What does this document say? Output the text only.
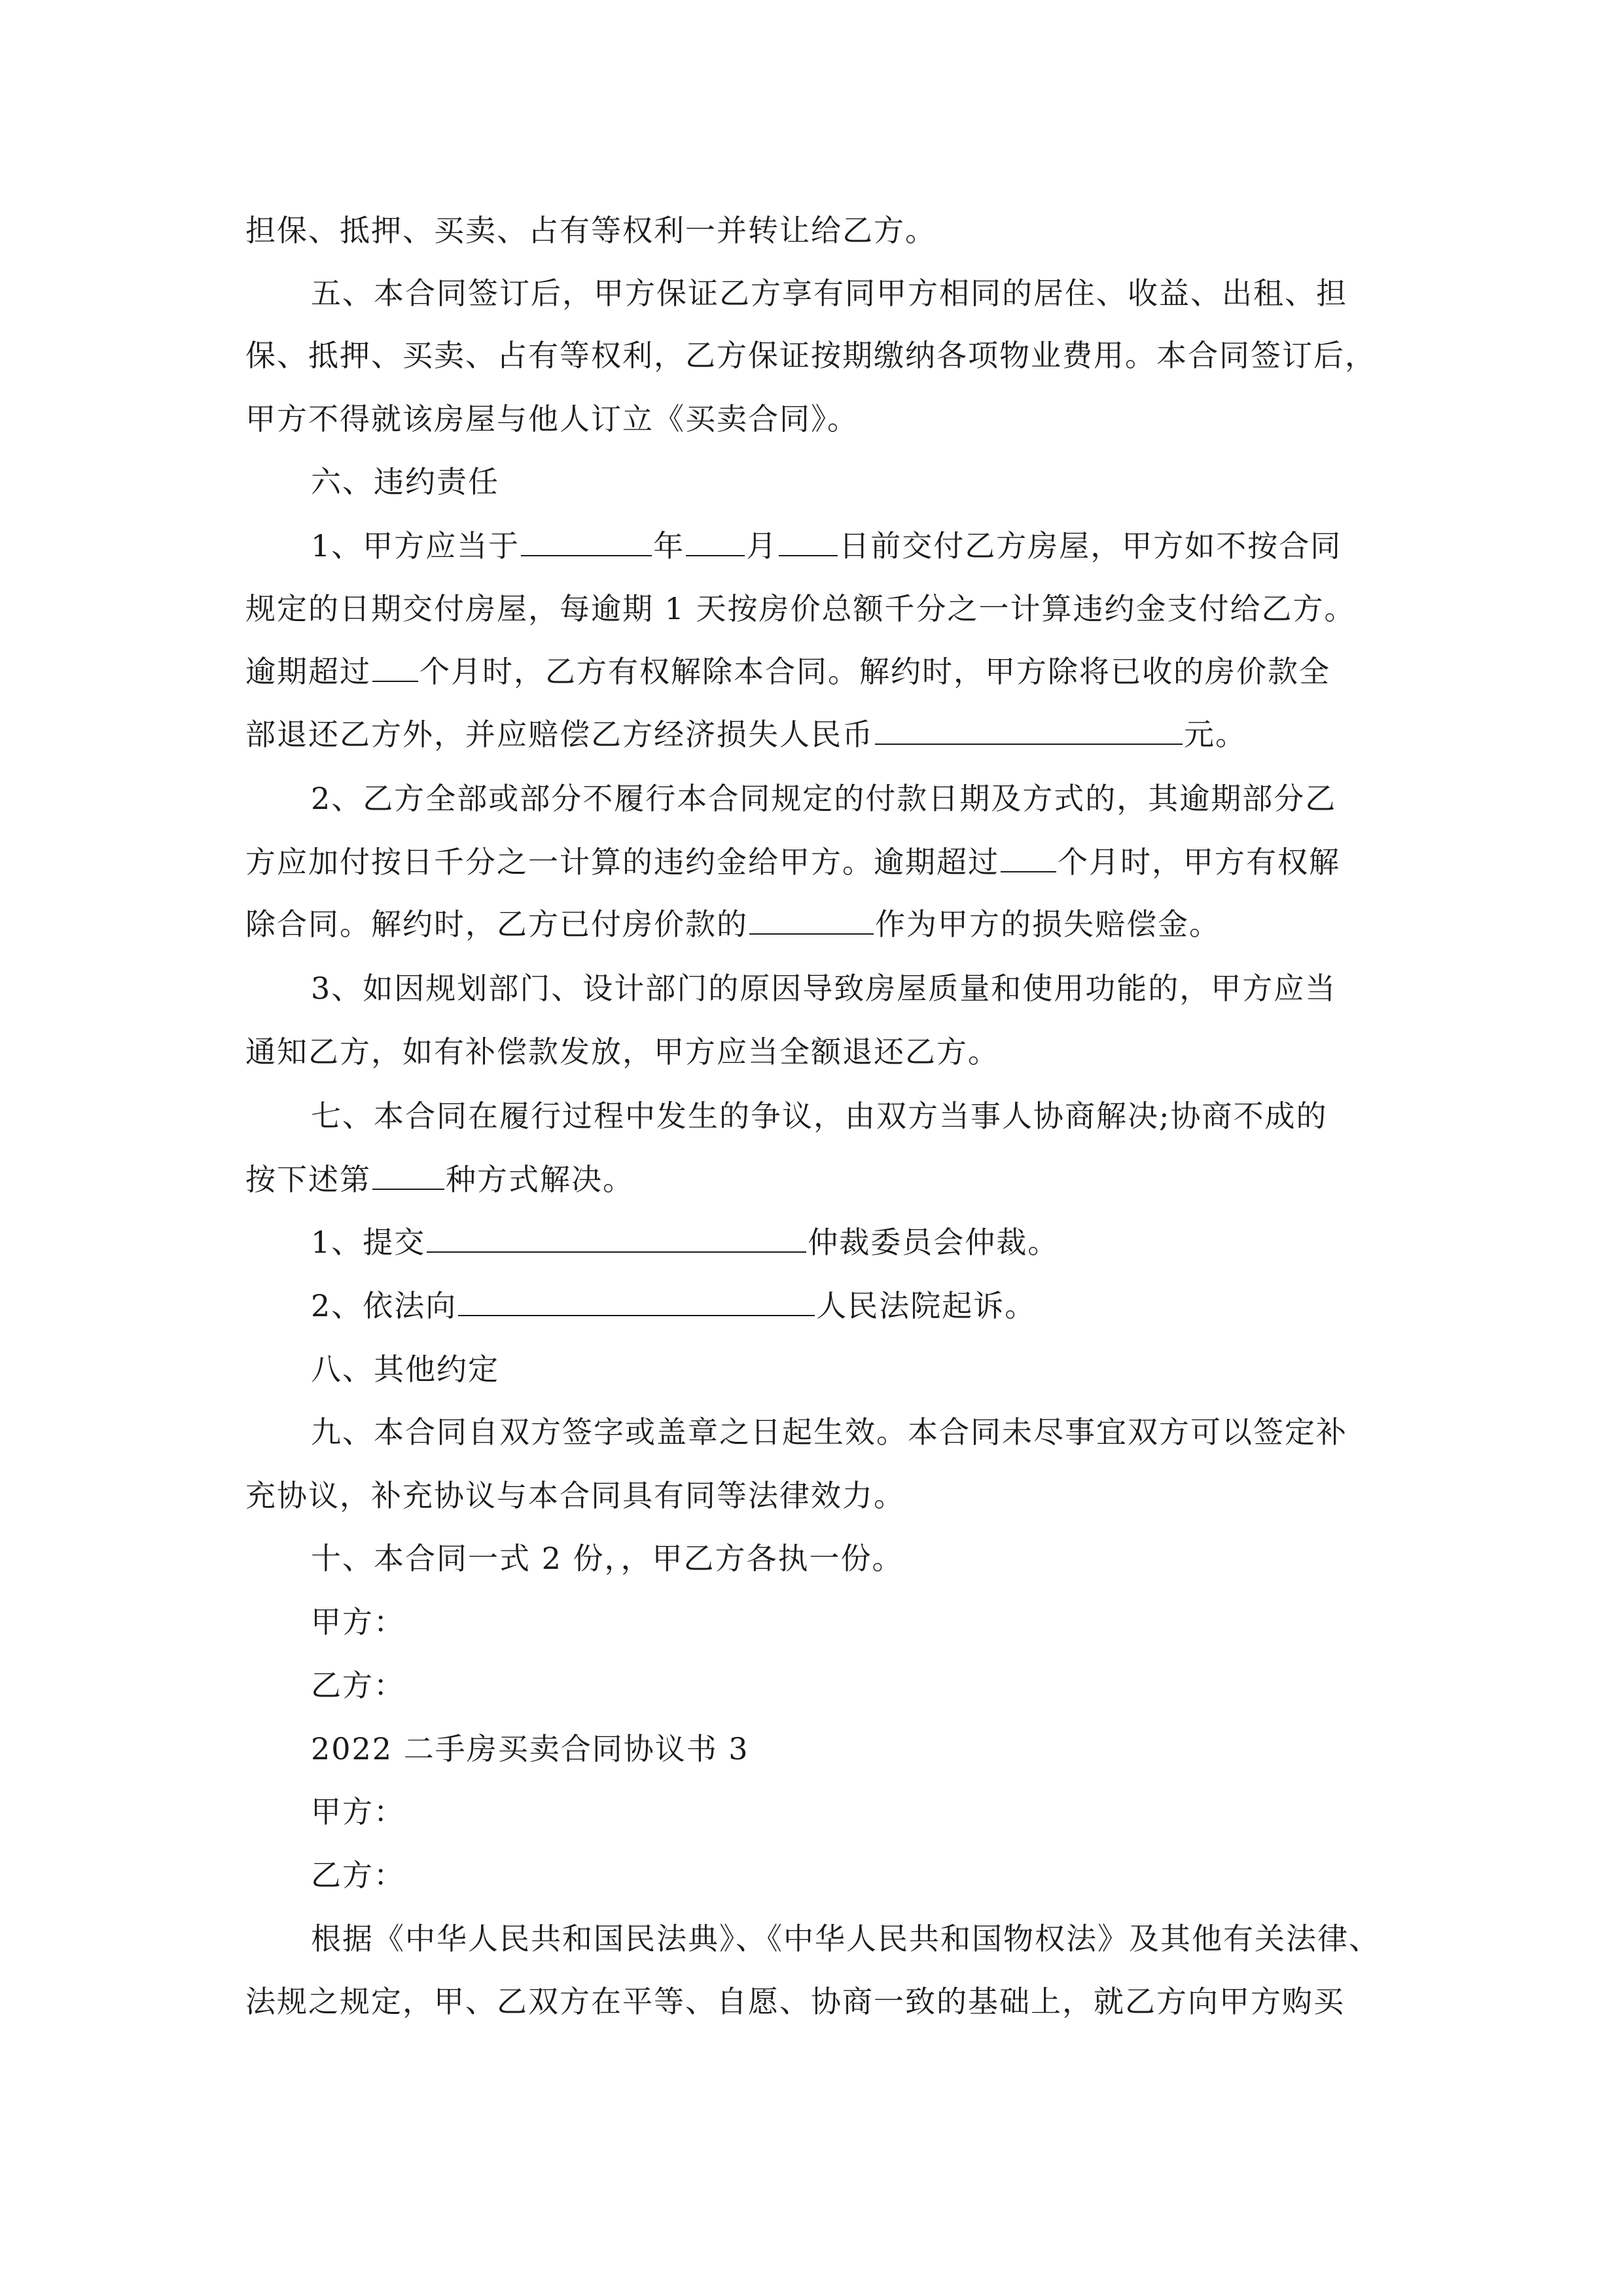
担保、抵押、买卖、占有等权利一并转让给乙方。
五、本合同签订后，甲方保证乙方享有同甲方相同的居住、收益、出租、担
保、抵押、买卖、占有等权利，乙方保证按期缴纳各项物业费用。本合同签订后，
甲方不得就该房屋与他人订立《买卖合同》。
六、违约责任
1、甲方应当于	年 月 日前交付乙方房屋，甲方如不按合同
规定的日期交付房屋，每逾期 1 天按房价总额千分之一计算违约金支付给乙方。
逾期超过 个月时，乙方有权解除本合同。解约时，甲方除将已收的房价款全
部退还乙方外，并应赔偿乙方经济损失人民币	元。
2、乙方全部或部分不履行本合同规定的付款日期及方式的，其逾期部分乙
方应加付按日千分之一计算的违约金给甲方。逾期超过 个月时，甲方有权解
除合同。解约时，乙方已付房价款的	作为甲方的损失赔偿金。
3、如因规划部门、设计部门的原因导致房屋质量和使用功能的，甲方应当
通知乙方，如有补偿款发放，甲方应当全额退还乙方。
七、本合同在履行过程中发生的争议，由双方当事人协商解决;协商不成的
按下述第 种方式解决。
1、提交	仲裁委员会仲裁。
2、依法向	人民法院起诉。
八、其他约定
九、本合同自双方签字或盖章之日起生效。本合同未尽事宜双方可以签定补
充协议，补充协议与本合同具有同等法律效力。
十、本合同一式 2 份，，甲乙方各执一份。
甲方：
乙方：
2022 二手房买卖合同协议书 3
甲方：
乙方：
根据《中华人民共和国民法典》、《中华人民共和国物权法》及其他有关法律、
法规之规定，甲、乙双方在平等、自愿、协商一致的基础上，就乙方向甲方购买
